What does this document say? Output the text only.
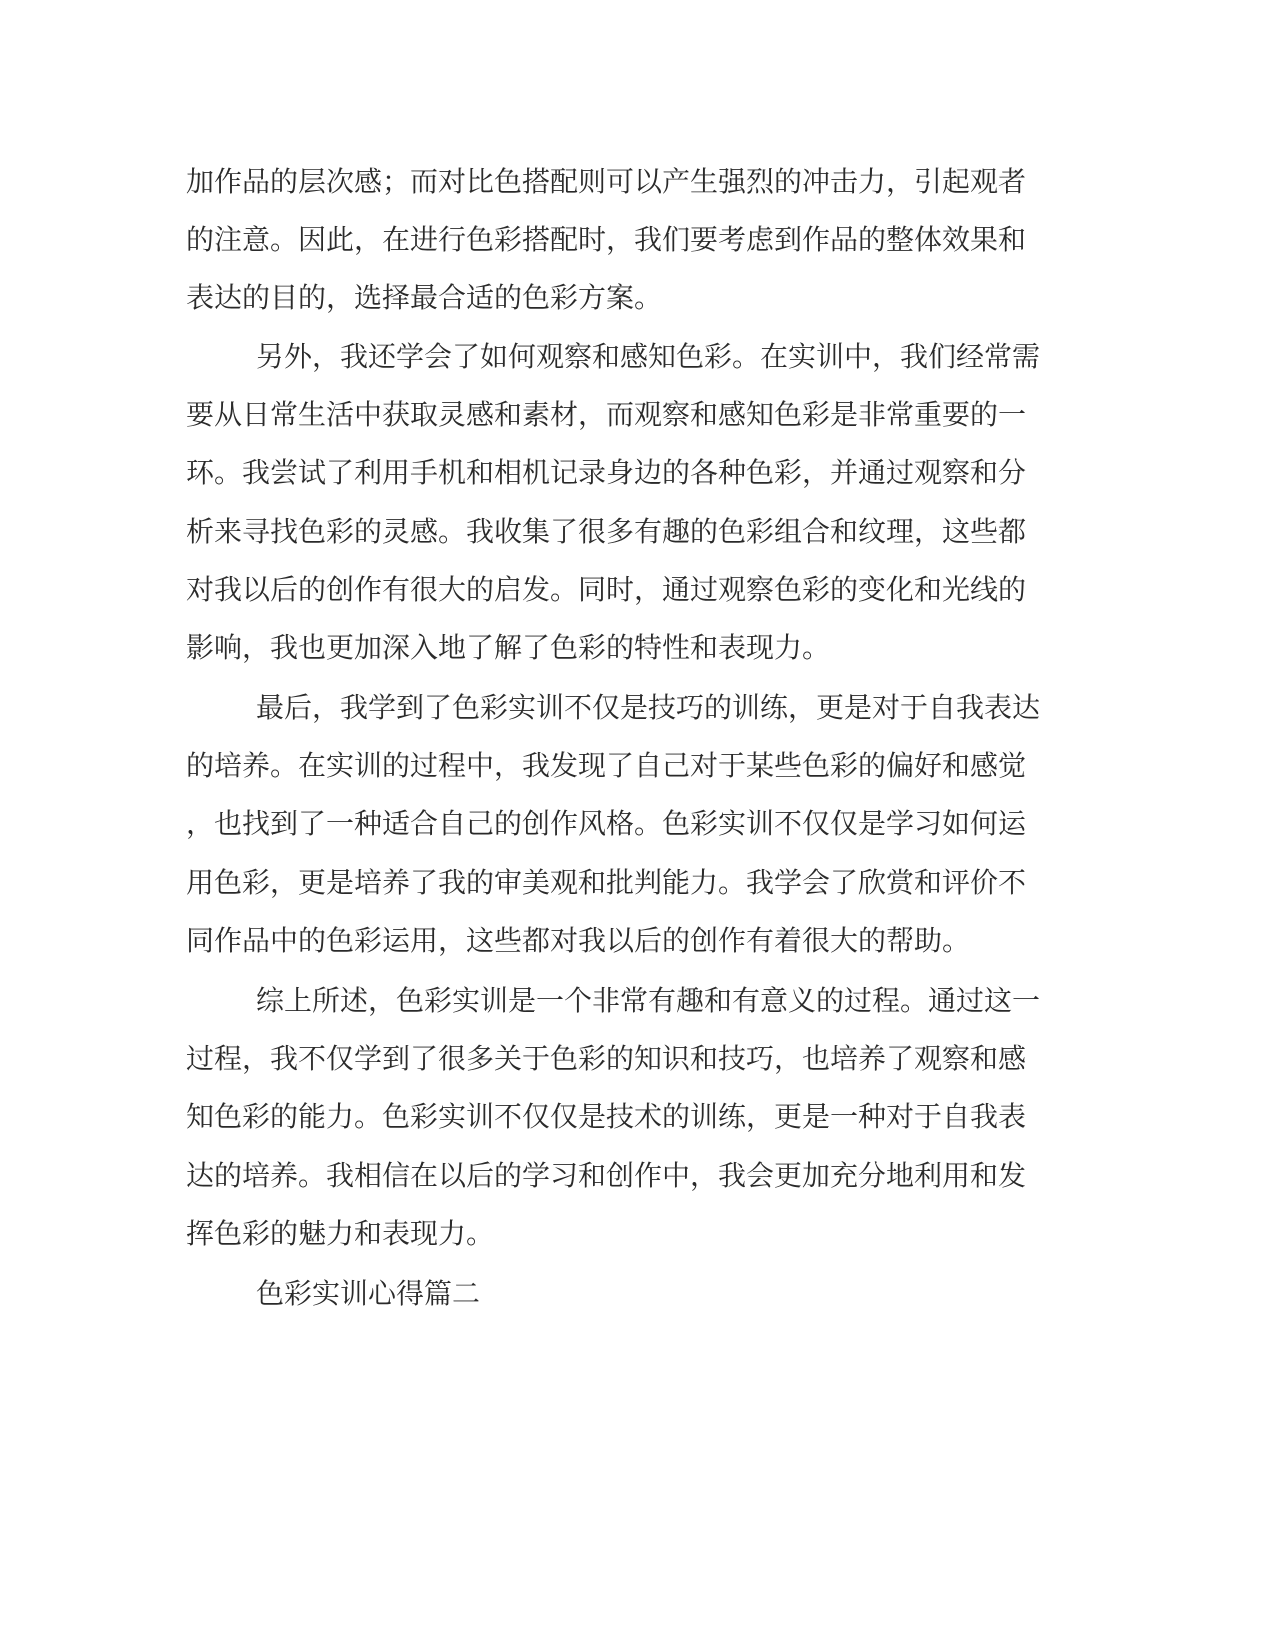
加作品的层次感；而对比色搭配则可以产生强烈的冲击力，引起观者
的注意。因此，在进行色彩搭配时，我们要考虑到作品的整体效果和
表达的目的，选择最合适的色彩方案。
另外，我还学会了如何观察和感知色彩。在实训中，我们经常需
要从日常生活中获取灵感和素材，而观察和感知色彩是非常重要的一
环。我尝试了利用手机和相机记录身边的各种色彩，并通过观察和分
析来寻找色彩的灵感。我收集了很多有趣的色彩组合和纹理，这些都
对我以后的创作有很大的启发。同时，通过观察色彩的变化和光线的
影响，我也更加深入地了解了色彩的特性和表现力。
最后，我学到了色彩实训不仅是技巧的训练，更是对于自我表达
的培养。在实训的过程中，我发现了自己对于某些色彩的偏好和感觉
，也找到了一种适合自己的创作风格。色彩实训不仅仅是学习如何运
用色彩，更是培养了我的审美观和批判能力。我学会了欣赏和评价不
同作品中的色彩运用，这些都对我以后的创作有着很大的帮助。
综上所述，色彩实训是一个非常有趣和有意义的过程。通过这一
过程，我不仅学到了很多关于色彩的知识和技巧，也培养了观察和感
知色彩的能力。色彩实训不仅仅是技术的训练，更是一种对于自我表
达的培养。我相信在以后的学习和创作中，我会更加充分地利用和发
挥色彩的魅力和表现力。
色彩实训心得篇二
